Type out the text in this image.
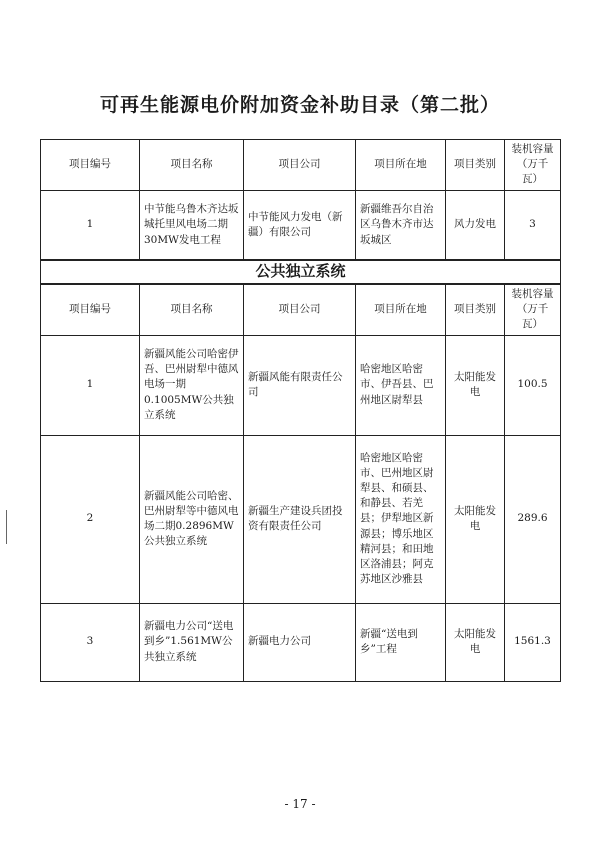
可再生能源电价附加资金补助目录（第二批）
项目编号	项目名称	项目公司	项目所在地	项目类别	装机容量（万千瓦）
1	中节能乌鲁木齐达坂城托里风电场二期30MW发电工程	中节能风力发电（新疆）有限公司	新疆维吾尔自治区乌鲁木齐市达坂城区	风力发电	3
公共独立系统					
项目编号	项目名称	项目公司	项目所在地	项目类别	装机容量（万千瓦）
1	新疆风能公司哈密伊吾、巴州尉犁中德风电场一期0.1005MW公共独立系统	新疆风能有限责任公司	哈密地区哈密市、伊吾县、巴州地区尉犁县	太阳能发电	100.5
2	新疆风能公司哈密、巴州尉犁等中德风电场二期0.2896MW公共独立系统	新疆生产建设兵团投资有限责任公司	哈密地区哈密市、巴州地区尉犁县、和硕县、和静县、若羌县；伊犁地区新源县；博乐地区精河县；和田地区洛浦县；阿克苏地区沙雅县	太阳能发电	289.6
3	新疆电力公司“送电到乡”1.561MW公共独立系统	新疆电力公司	新疆“送电到乡”工程	太阳能发电	1561.3
- 17 -
